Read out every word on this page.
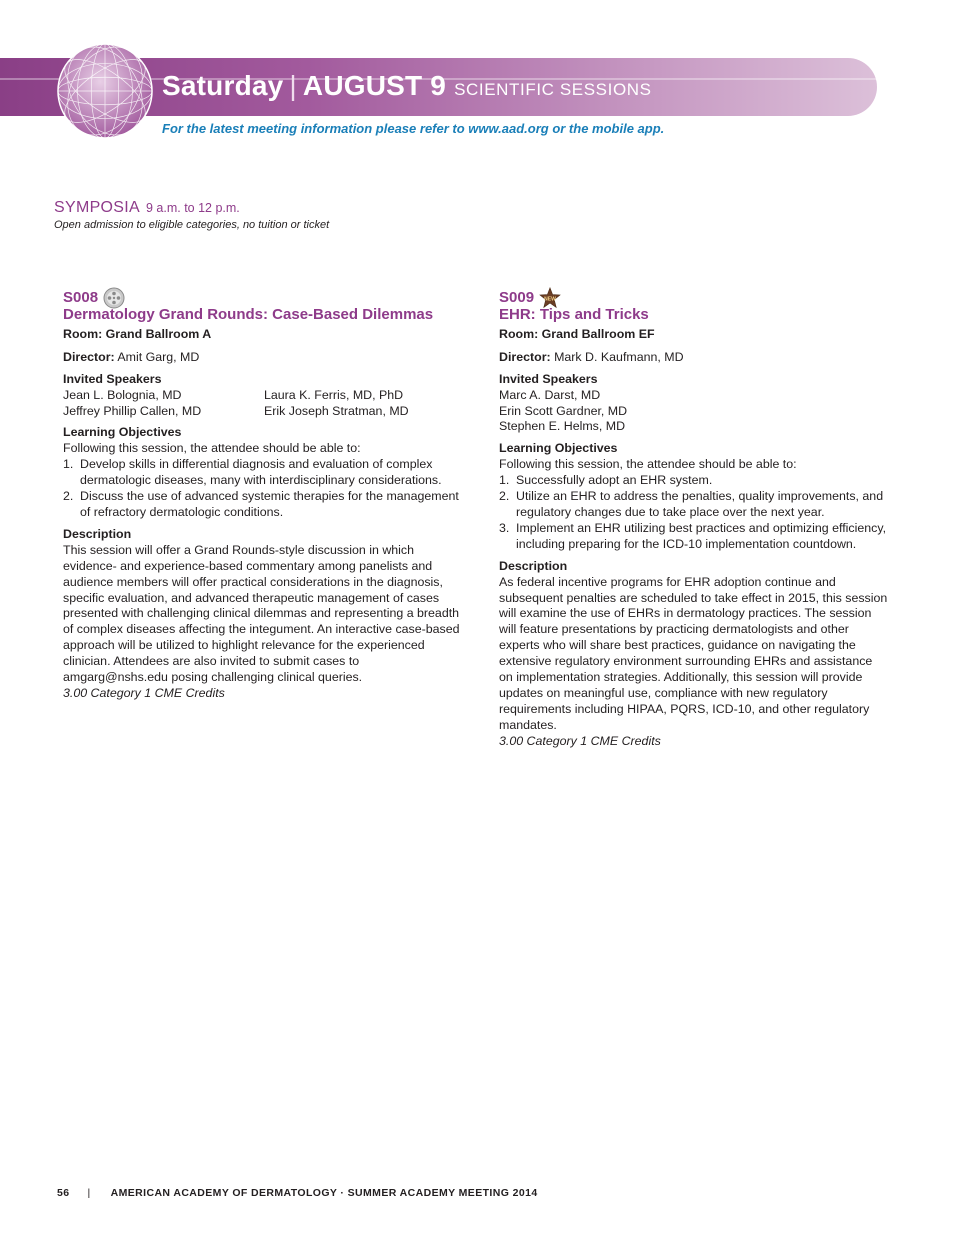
Saturday | AUGUST 9 SCIENTIFIC SESSIONS
For the latest meeting information please refer to www.aad.org or the mobile app.
SYMPOSIA 9 a.m. to 12 p.m.
Open admission to eligible categories, no tuition or ticket
S008
Dermatology Grand Rounds: Case-Based Dilemmas
Room: Grand Ballroom A
Director: Amit Garg, MD
Invited Speakers
Jean L. Bolognia, MD	Laura K. Ferris, MD, PhD
Jeffrey Phillip Callen, MD	Erik Joseph Stratman, MD
Learning Objectives
Following this session, the attendee should be able to:
1. Develop skills in differential diagnosis and evaluation of complex dermatologic diseases, many with interdisciplinary considerations.
2. Discuss the use of advanced systemic therapies for the management of refractory dermatologic conditions.
Description
This session will offer a Grand Rounds-style discussion in which evidence- and experience-based commentary among panelists and audience members will offer practical considerations in the diagnosis, specific evaluation, and advanced therapeutic management of cases presented with challenging clinical dilemmas and representing a breadth of complex diseases affecting the integument. An interactive case-based approach will be utilized to highlight relevance for the experienced clinician. Attendees are also invited to submit cases to amgarg@nshs.edu posing challenging clinical queries.
3.00 Category 1 CME Credits
S009 NEW
EHR: Tips and Tricks
Room: Grand Ballroom EF
Director: Mark D. Kaufmann, MD
Invited Speakers
Marc A. Darst, MD
Erin Scott Gardner, MD
Stephen E. Helms, MD
Learning Objectives
Following this session, the attendee should be able to:
1. Successfully adopt an EHR system.
2. Utilize an EHR to address the penalties, quality improvements, and regulatory changes due to take place over the next year.
3. Implement an EHR utilizing best practices and optimizing efficiency, including preparing for the ICD-10 implementation countdown.
Description
As federal incentive programs for EHR adoption continue and subsequent penalties are scheduled to take effect in 2015, this session will examine the use of EHRs in dermatology practices. The session will feature presentations by practicing dermatologists and other experts who will share best practices, guidance on navigating the extensive regulatory environment surrounding EHRs and assistance on implementation strategies. Additionally, this session will provide updates on meaningful use, compliance with new regulatory requirements including HIPAA, PQRS, ICD-10, and other regulatory mandates.
3.00 Category 1 CME Credits
56 | AMERICAN ACADEMY OF DERMATOLOGY · SUMMER ACADEMY MEETING 2014
